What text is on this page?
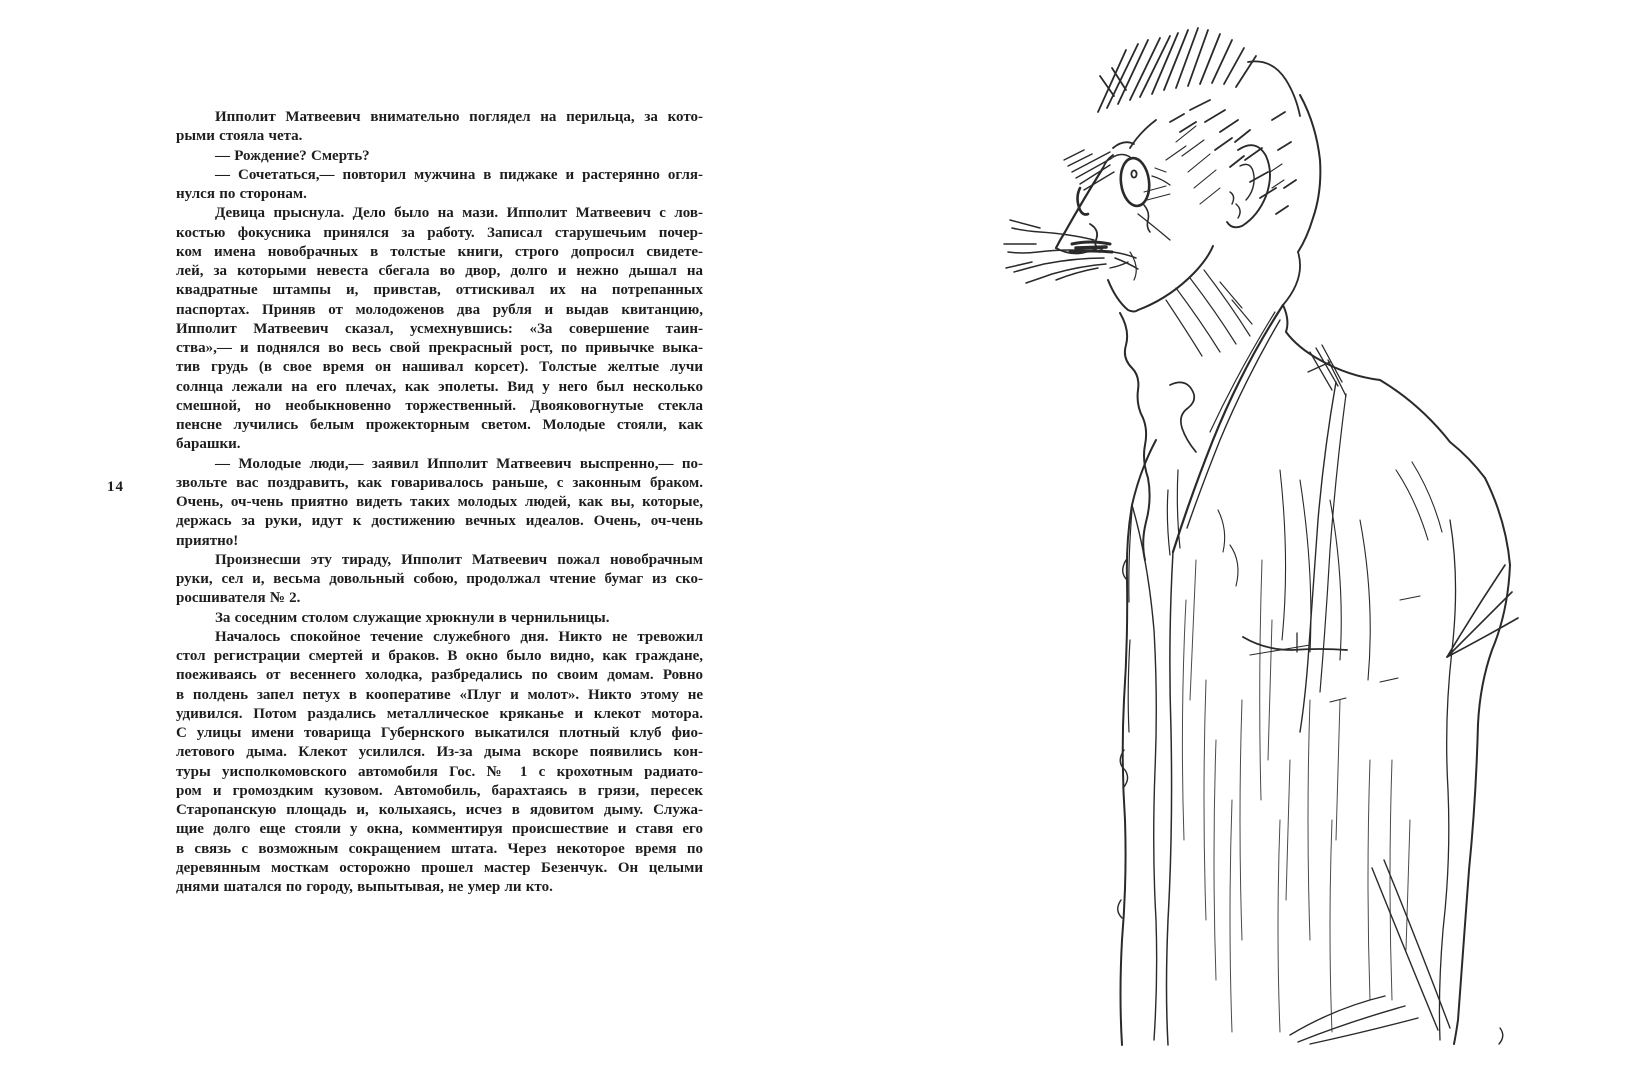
14
Ипполит Матвеевич внимательно поглядел на перильца, за кото-
рыми стояла чета.
— Рождение? Смерть?
— Сочетаться,— повторил мужчина в пиджаке и растерянно огля-
нулся по сторонам.
Девица прыснула. Дело было на мази. Ипполит Матвеевич с лов-
костью фокусника принялся за работу. Записал старушечьим почер-
ком имена новобрачных в толстые книги, строго допросил свидете-
лей, за которыми невеста сбегала во двор, долго и нежно дышал на
квадратные штампы и, привстав, оттискивал их на потрепанных
паспортах. Приняв от молодоженов два рубля и выдав квитанцию,
Ипполит Матвеевич сказал, усмехнувшись: «За совершение таин-
ства»,— и поднялся во весь свой прекрасный рост, по привычке выка-
тив грудь (в свое время он нашивал корсет). Толстые желтые лучи
солнца лежали на его плечах, как эполеты. Вид у него был несколько
смешной, но необыкновенно торжественный. Двояковогнутые стекла
пенсне лучились белым прожекторным светом. Молодые стояли, как
барашки.
— Молодые люди,— заявил Ипполит Матвеевич выспренно,— по-
звольте вас поздравить, как говаривалось раньше, с законным браком.
Очень, оч-чень приятно видеть таких молодых людей, как вы, которые,
держась за руки, идут к достижению вечных идеалов. Очень, оч-чень
приятно!
Произнесши эту тираду, Ипполит Матвеевич пожал новобрачным
руки, сел и, весьма довольный собою, продолжал чтение бумаг из ско-
росшивателя № 2.
За соседним столом служащие хрюкнули в чернильницы.
Началось спокойное течение служебного дня. Никто не тревожил
стол регистрации смертей и браков. В окно было видно, как граждане,
поеживаясь от весеннего холодка, разбредались по своим домам. Ровно
в полдень запел петух в кооперативе «Плуг и молот». Никто этому не
удивился. Потом раздались металлическое кряканье и клекот мотора.
С улицы имени товарища Губернского выкатился плотный клуб фио-
летового дыма. Клекот усилился. Из-за дыма вскоре появились кон-
туры уисполкомовского автомобиля Гос. № 1 с крохотным радиато-
ром и громоздким кузовом. Автомобиль, барахтаясь в грязи, пересек
Старопанскую площадь и, колыхаясь, исчез в ядовитом дыму. Служа-
щие долго еще стояли у окна, комментируя происшествие и ставя его
в связь с возможным сокращением штата. Через некоторое время по
деревянным мосткам осторожно прошел мастер Безенчук. Он целыми
днями шатался по городу, выпытывая, не умер ли кто.
